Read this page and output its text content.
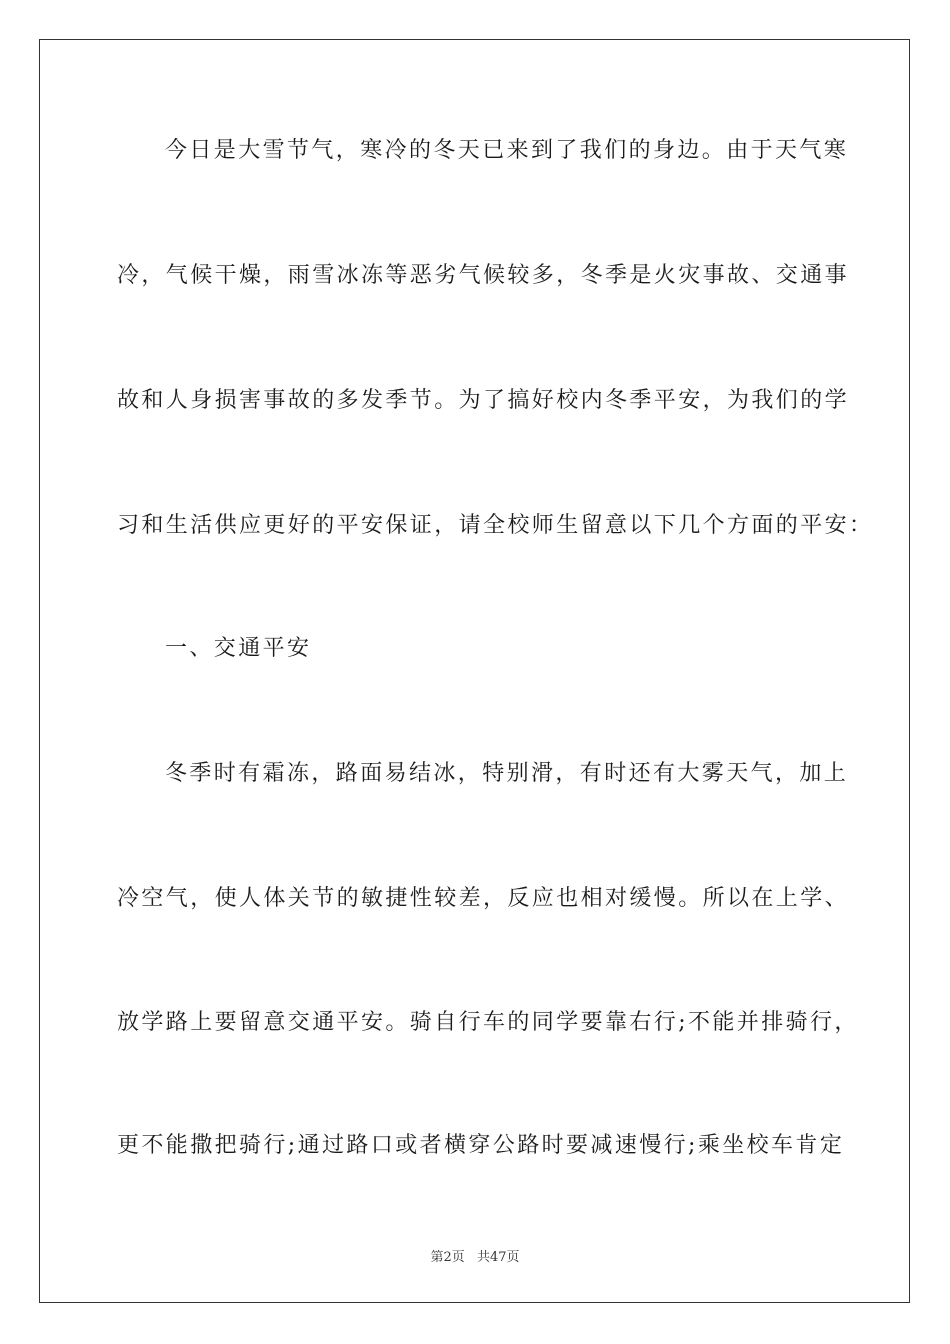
今日是大雪节气，寒冷的冬天已来到了我们的身边。由于天气寒
冷，气候干燥，雨雪冰冻等恶劣气候较多，冬季是火灾事故、交通事
故和人身损害事故的多发季节。为了搞好校内冬季平安，为我们的学
习和生活供应更好的平安保证，请全校师生留意以下几个方面的平安：
一、交通平安
冬季时有霜冻，路面易结冰，特别滑，有时还有大雾天气，加上
冷空气，使人体关节的敏捷性较差，反应也相对缓慢。所以在上学、
放学路上要留意交通平安。骑自行车的同学要靠右行;不能并排骑行，
更不能撒把骑行;通过路口或者横穿公路时要减速慢行;乘坐校车肯定
第2页 共47页
